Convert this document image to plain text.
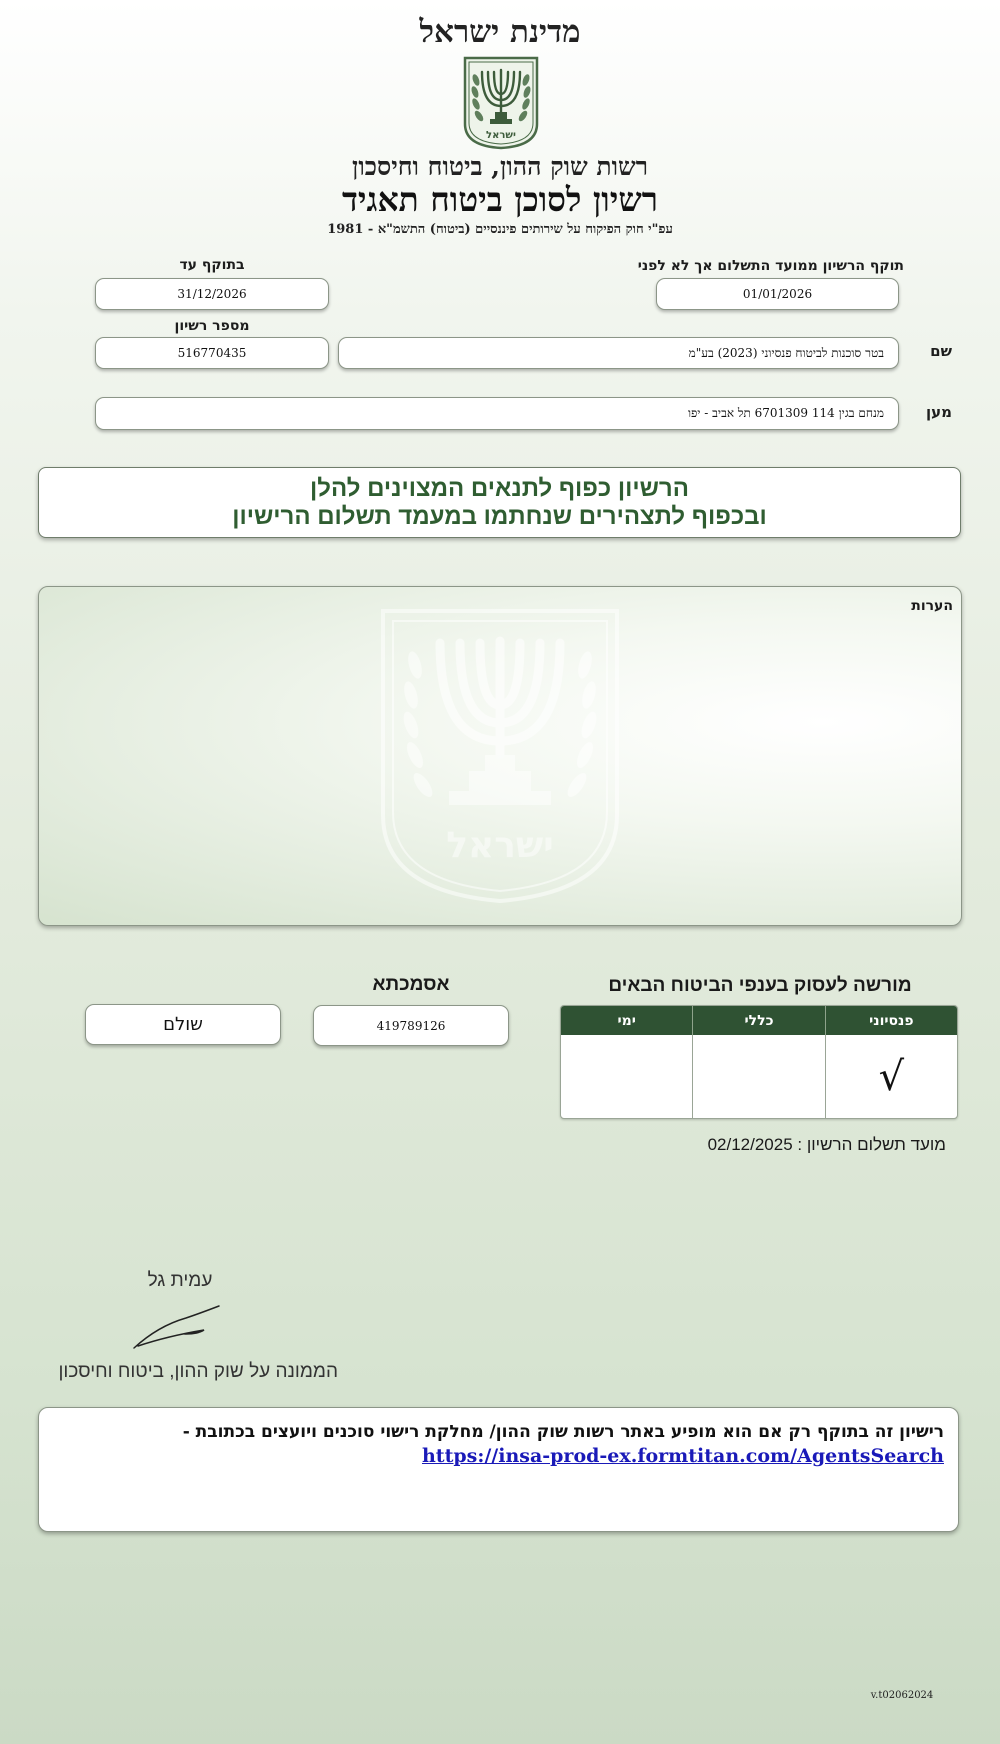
מדינת ישראל
ישראל
רשות שוק ההון, ביטוח וחיסכון
רשיון לסוכן ביטוח תאגיד
עפ"י חוק הפיקוח על שירותים פיננסיים (ביטוח) התשמ"א - 1981
תוקף הרשיון ממועד התשלום אך לא לפני
01/01/2026
בתוקף עד
31/12/2026
מספר רשיון
516770435	שם
בטר סוכנות לביטוח פנסיוני (2023) בע"מ
מען
מנחם בגין 114 6701309 תל אביב - יפו
הרשיון כפוף לתנאים המצוינים להלן
ובכפוף לתצהירים שנחתמו במעמד תשלום הרישיון
הערות
ישראל
מורשה לעסוק בענפי הביטוח הבאים
פנסיוני
כללי
ימי
√
אסמכתא
419789126
שולם
מועד תשלום הרשיון : 02/12/2025
עמית גל
הממונה על שוק ההון, ביטוח וחיסכון
רישיון זה בתוקף רק אם הוא מופיע באתר רשות שוק ההון/ מחלקת רישוי סוכנים ויועצים בכתובת -
https://insa-prod-ex.formtitan.com/AgentsSearch
v.t02062024
